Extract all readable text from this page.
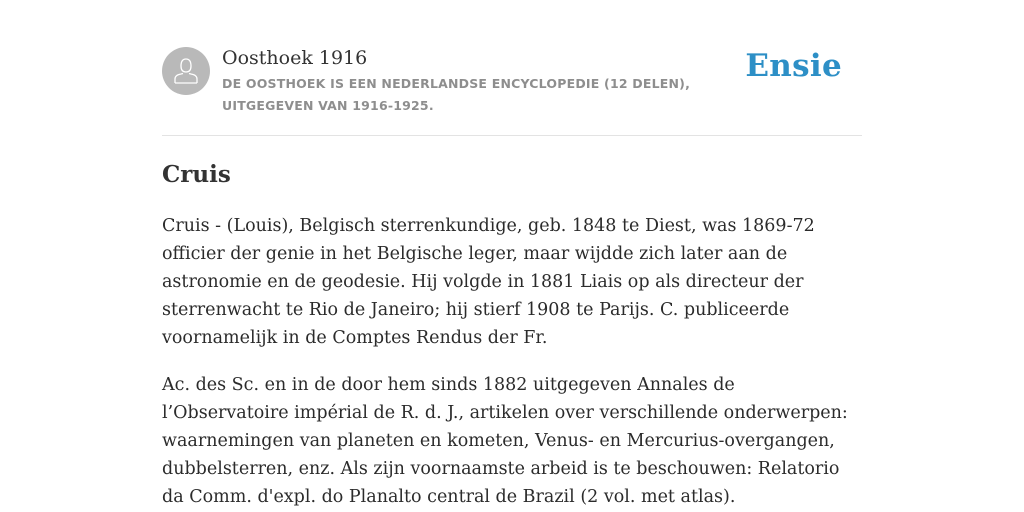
Oosthoek 1916
DE OOSTHOEK IS EEN NEDERLANDSE ENCYCLOPEDIE (12 DELEN), UITGEGEVEN VAN 1916-1925.
Ensie
Cruis

Cruis - (Louis), Belgisch sterrenkundige, geb. 1848 te Diest, was 1869-72 officier der genie in het Belgische leger, maar wijdde zich later aan de astronomie en de geodesie. Hij volgde in 1881 Liais op als directeur der sterrenwacht te Rio de Janeiro; hij stierf 1908 te Parijs. C. publiceerde voornamelijk in de Comptes Rendus der Fr.

Ac. des Sc. en in de door hem sinds 1882 uitgegeven Annales de l’Observatoire impérial de R. d. J., artikelen over verschillende onderwerpen: waarnemingen van planeten en kometen, Venus- en Mercurius-overgangen, dubbelsterren, enz. Als zijn voornaamste arbeid is te beschouwen: Relatorio da Comm. d'expl. do Planalto central de Brazil (2 vol. met atlas).
